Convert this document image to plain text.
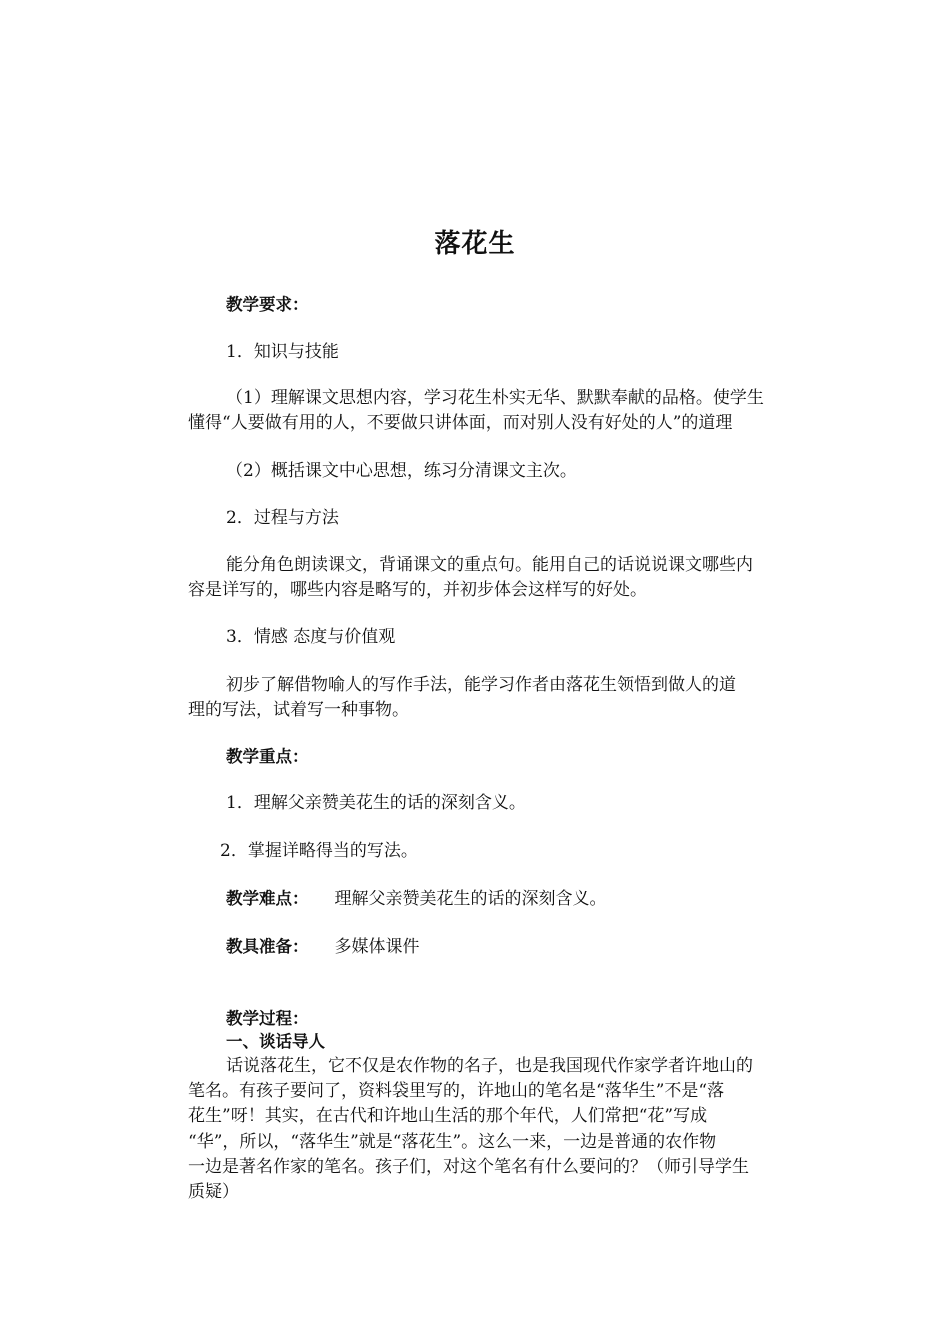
落花生
教学要求：
1．知识与技能
（1）理解课文思想内容，学习花生朴实无华、默默奉献的品格。使学生
懂得“人要做有用的人，不要做只讲体面，而对别人没有好处的人”的道理
（2）概括课文中心思想，练习分清课文主次。
2．过程与方法
能分角色朗读课文，背诵课文的重点句。能用自己的话说说课文哪些内
容是详写的，哪些内容是略写的，并初步体会这样写的好处。
3．情感 态度与价值观
初步了解借物喻人的写作手法，能学习作者由落花生领悟到做人的道
理的写法，试着写一种事物。
教学重点：
1．理解父亲赞美花生的话的深刻含义。
2．掌握详略得当的写法。
教学难点： 理解父亲赞美花生的话的深刻含义。
教具准备： 多媒体课件
教学过程：
一、谈话导人
话说落花生，它不仅是农作物的名子，也是我国现代作家学者许地山的
笔名。有孩子要问了，资料袋里写的，许地山的笔名是“落华生”不是“落
花生”呀！其实，在古代和许地山生活的那个年代，人们常把“花”写成
“华”，所以，“落华生”就是“落花生”。这么一来，一边是普通的农作物
一边是著名作家的笔名。孩子们，对这个笔名有什么要问的？（师引导学生
质疑）
